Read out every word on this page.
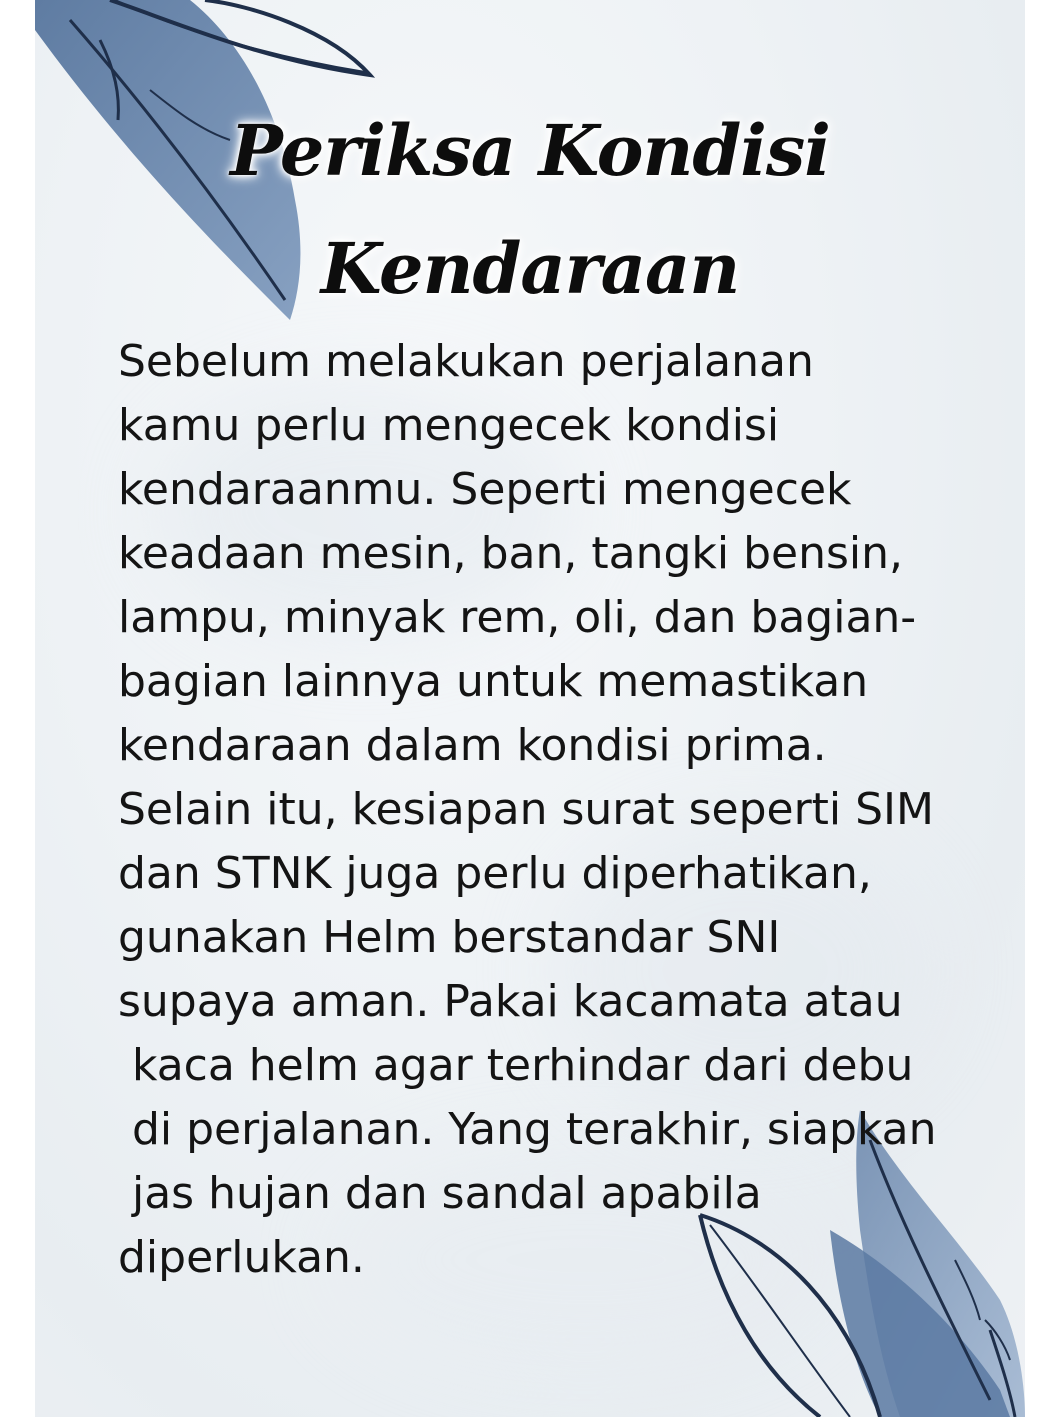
Periksa Kondisi
Kendaraan
Sebelum melakukan perjalanan
kamu perlu mengecek kondisi
kendaraanmu. Seperti mengecek
keadaan mesin, ban, tangki bensin,
lampu, minyak rem, oli, dan bagian-
bagian lainnya untuk memastikan
kendaraan dalam kondisi prima.
Selain itu, kesiapan surat seperti SIM
dan STNK juga perlu diperhatikan,
gunakan Helm berstandar SNI
supaya aman. Pakai kacamata atau
kaca helm agar terhindar dari debu
di perjalanan. Yang terakhir, siapkan
jas hujan dan sandal apabila
diperlukan.
